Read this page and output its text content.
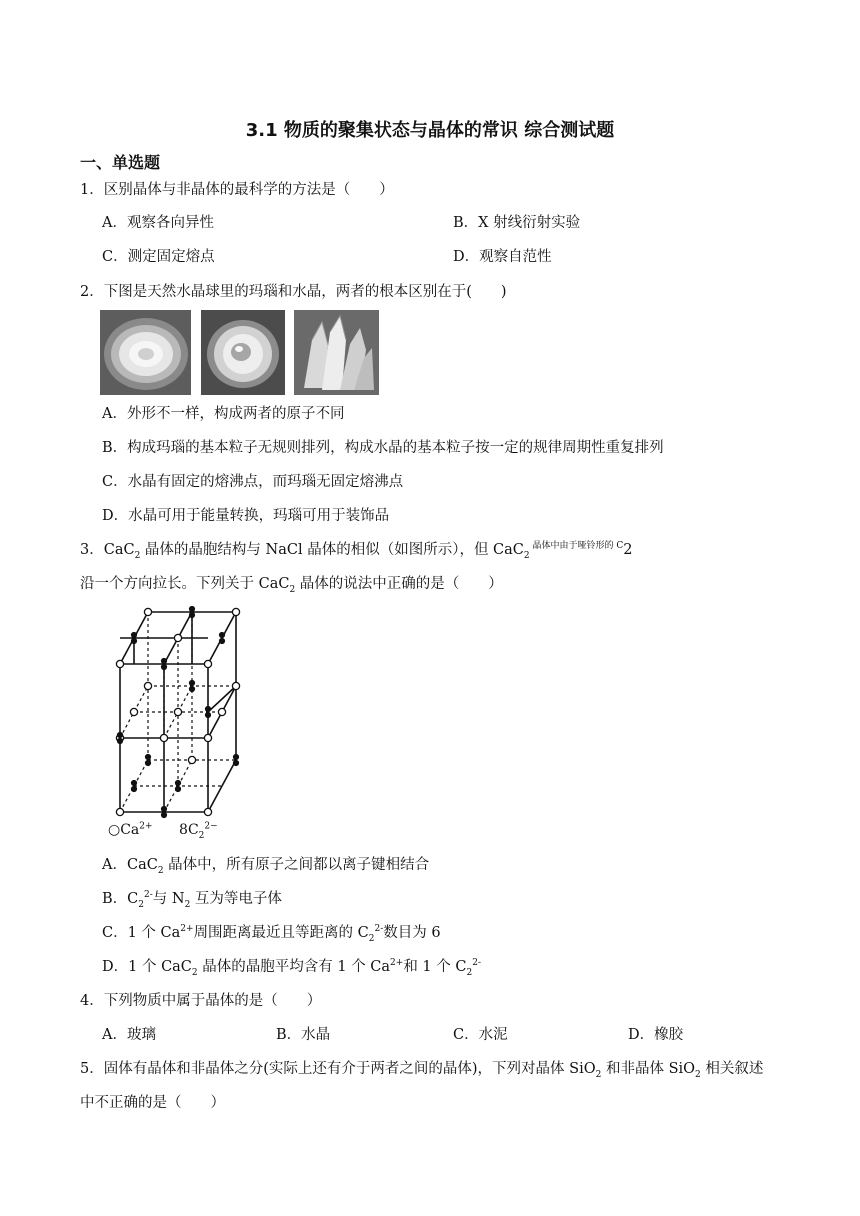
3.1 物质的聚集状态与晶体的常识 综合测试题
一、单选题
1．区别晶体与非晶体的最科学的方法是（　　）
A．观察各向异性	B．X 射线衍射实验
C．测定固定熔点	D．观察自范性
2．下图是天然水晶球里的玛瑙和水晶，两者的根本区别在于(　　)
A．外形不一样，构成两者的原子不同
B．构成玛瑙的基本粒子无规则排列，构成水晶的基本粒子按一定的规律周期性重复排列
C．水晶有固定的熔沸点，而玛瑙无固定熔沸点
D．水晶可用于能量转换，玛瑙可用于装饰品
3．CaC$_2$ 晶体的晶胞结构与 NaCl 晶体的相似（如图所示），但 CaC$_2$ $^{晶体中由于哑铃形的 C}$2
沿一个方向拉长。下列关于 CaC$_2$ 晶体的说法中正确的是（　　）
$○Ca^{2+}$ $8C_2^{2-}$
A．CaC$_2$ 晶体中，所有原子之间都以离子键相结合
B．$C_2^{2-}$与 $N_2$ 互为等电子体
C．1 个 $Ca^{2+}$周围距离最近且等距离的 $C_2^{2-}$数目为 6
D．1 个 CaC$_2$ 晶体的晶胞平均含有 1 个 $Ca^{2+}$和 1 个 $C_2^{2-}$
4．下列物质中属于晶体的是（　　）
A．玻璃	B．水晶	C．水泥	D．橡胶
5．固体有晶体和非晶体之分(实际上还有介于两者之间的晶体)，下列对晶体 SiO$_2$ 和非晶体 SiO$_2$ 相关叙述
中不正确的是（　　）
